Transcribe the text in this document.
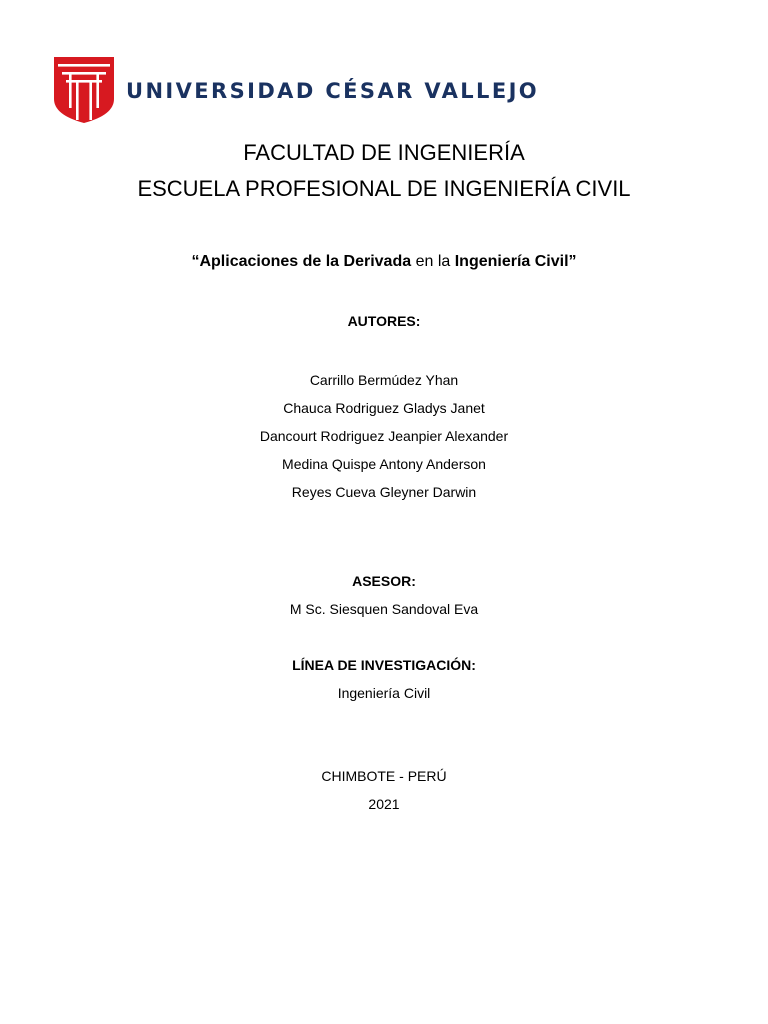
UNIVERSIDAD CÉSAR VALLEJO
FACULTAD DE INGENIERÍA
ESCUELA PROFESIONAL DE INGENIERÍA CIVIL
“Aplicaciones de la Derivada en la Ingeniería Civil”
AUTORES:
Carrillo Bermúdez Yhan
Chauca Rodriguez Gladys Janet
Dancourt Rodriguez Jeanpier Alexander
Medina Quispe Antony Anderson
Reyes Cueva Gleyner Darwin
ASESOR:
M Sc. Siesquen Sandoval Eva
LÍNEA DE INVESTIGACIÓN:
Ingeniería Civil
CHIMBOTE - PERÚ
2021
